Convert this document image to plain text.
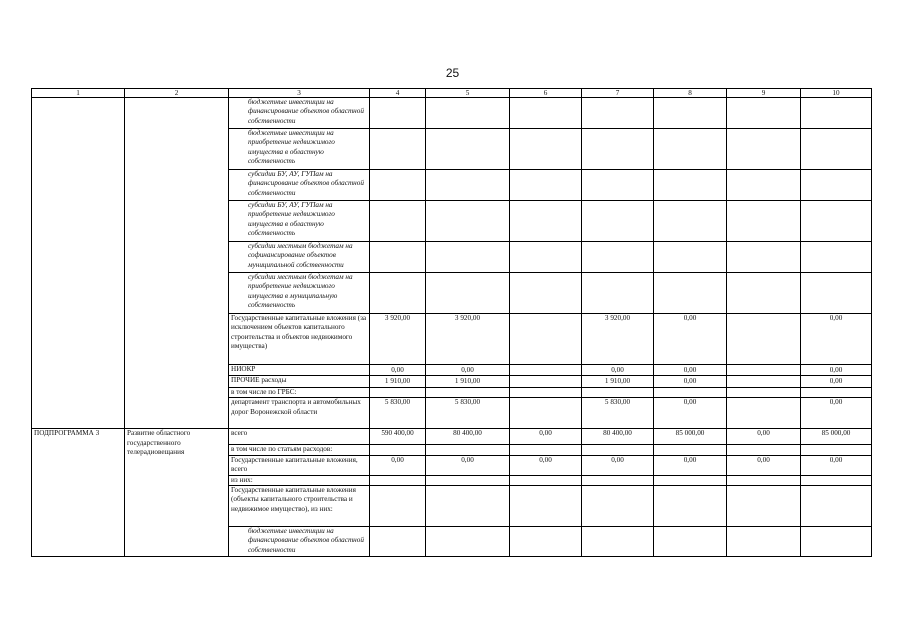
25
1	2	3	4	5	6	7	8	9	10
		бюджетные инвестиции на финансирование объектов областной собственности							
		бюджетные инвестиции на приобретение недвижимого имущества в областную собственность							
		субсидии БУ, АУ, ГУПам на финансирование объектов областной собственности							
		субсидии БУ, АУ, ГУПам на приобретение недвижимого имущества в областную собственность							
		субсидии местным бюджетам на софинансирование объектов муниципальной собственности							
		субсидии местным бюджетам на приобретение недвижимого имущества в муниципальную собственность							
		Государственные капитальные вложения (за исключением объектов капитального строительства и объектов недвижимого имущества)	3 920,00	3 920,00		3 920,00	0,00		0,00
		НИОКР	0,00	0,00		0,00	0,00		0,00
		ПРОЧИЕ расходы	1 910,00	1 910,00		1 910,00	0,00		0,00
		в том числе по ГРБС:							
		департамент транспорта и автомобильных дорог Воронежской области	5 830,00	5 830,00		5 830,00	0,00		0,00
ПОДПРОГРАММА 3	Развитие областного государственного телерадиовещания	всего	590 400,00	80 400,00	0,00	80 400,00	85 000,00	0,00	85 000,00
		в том числе по статьям расходов:							
		Государственные капитальные вложения, всего	0,00	0,00	0,00	0,00	0,00	0,00	0,00
		из них:							
		Государственные капитальные вложения (объекты капитального строительства и недвижимое имущество), из них:							
		бюджетные инвестиции на финансирование объектов областной собственности							
